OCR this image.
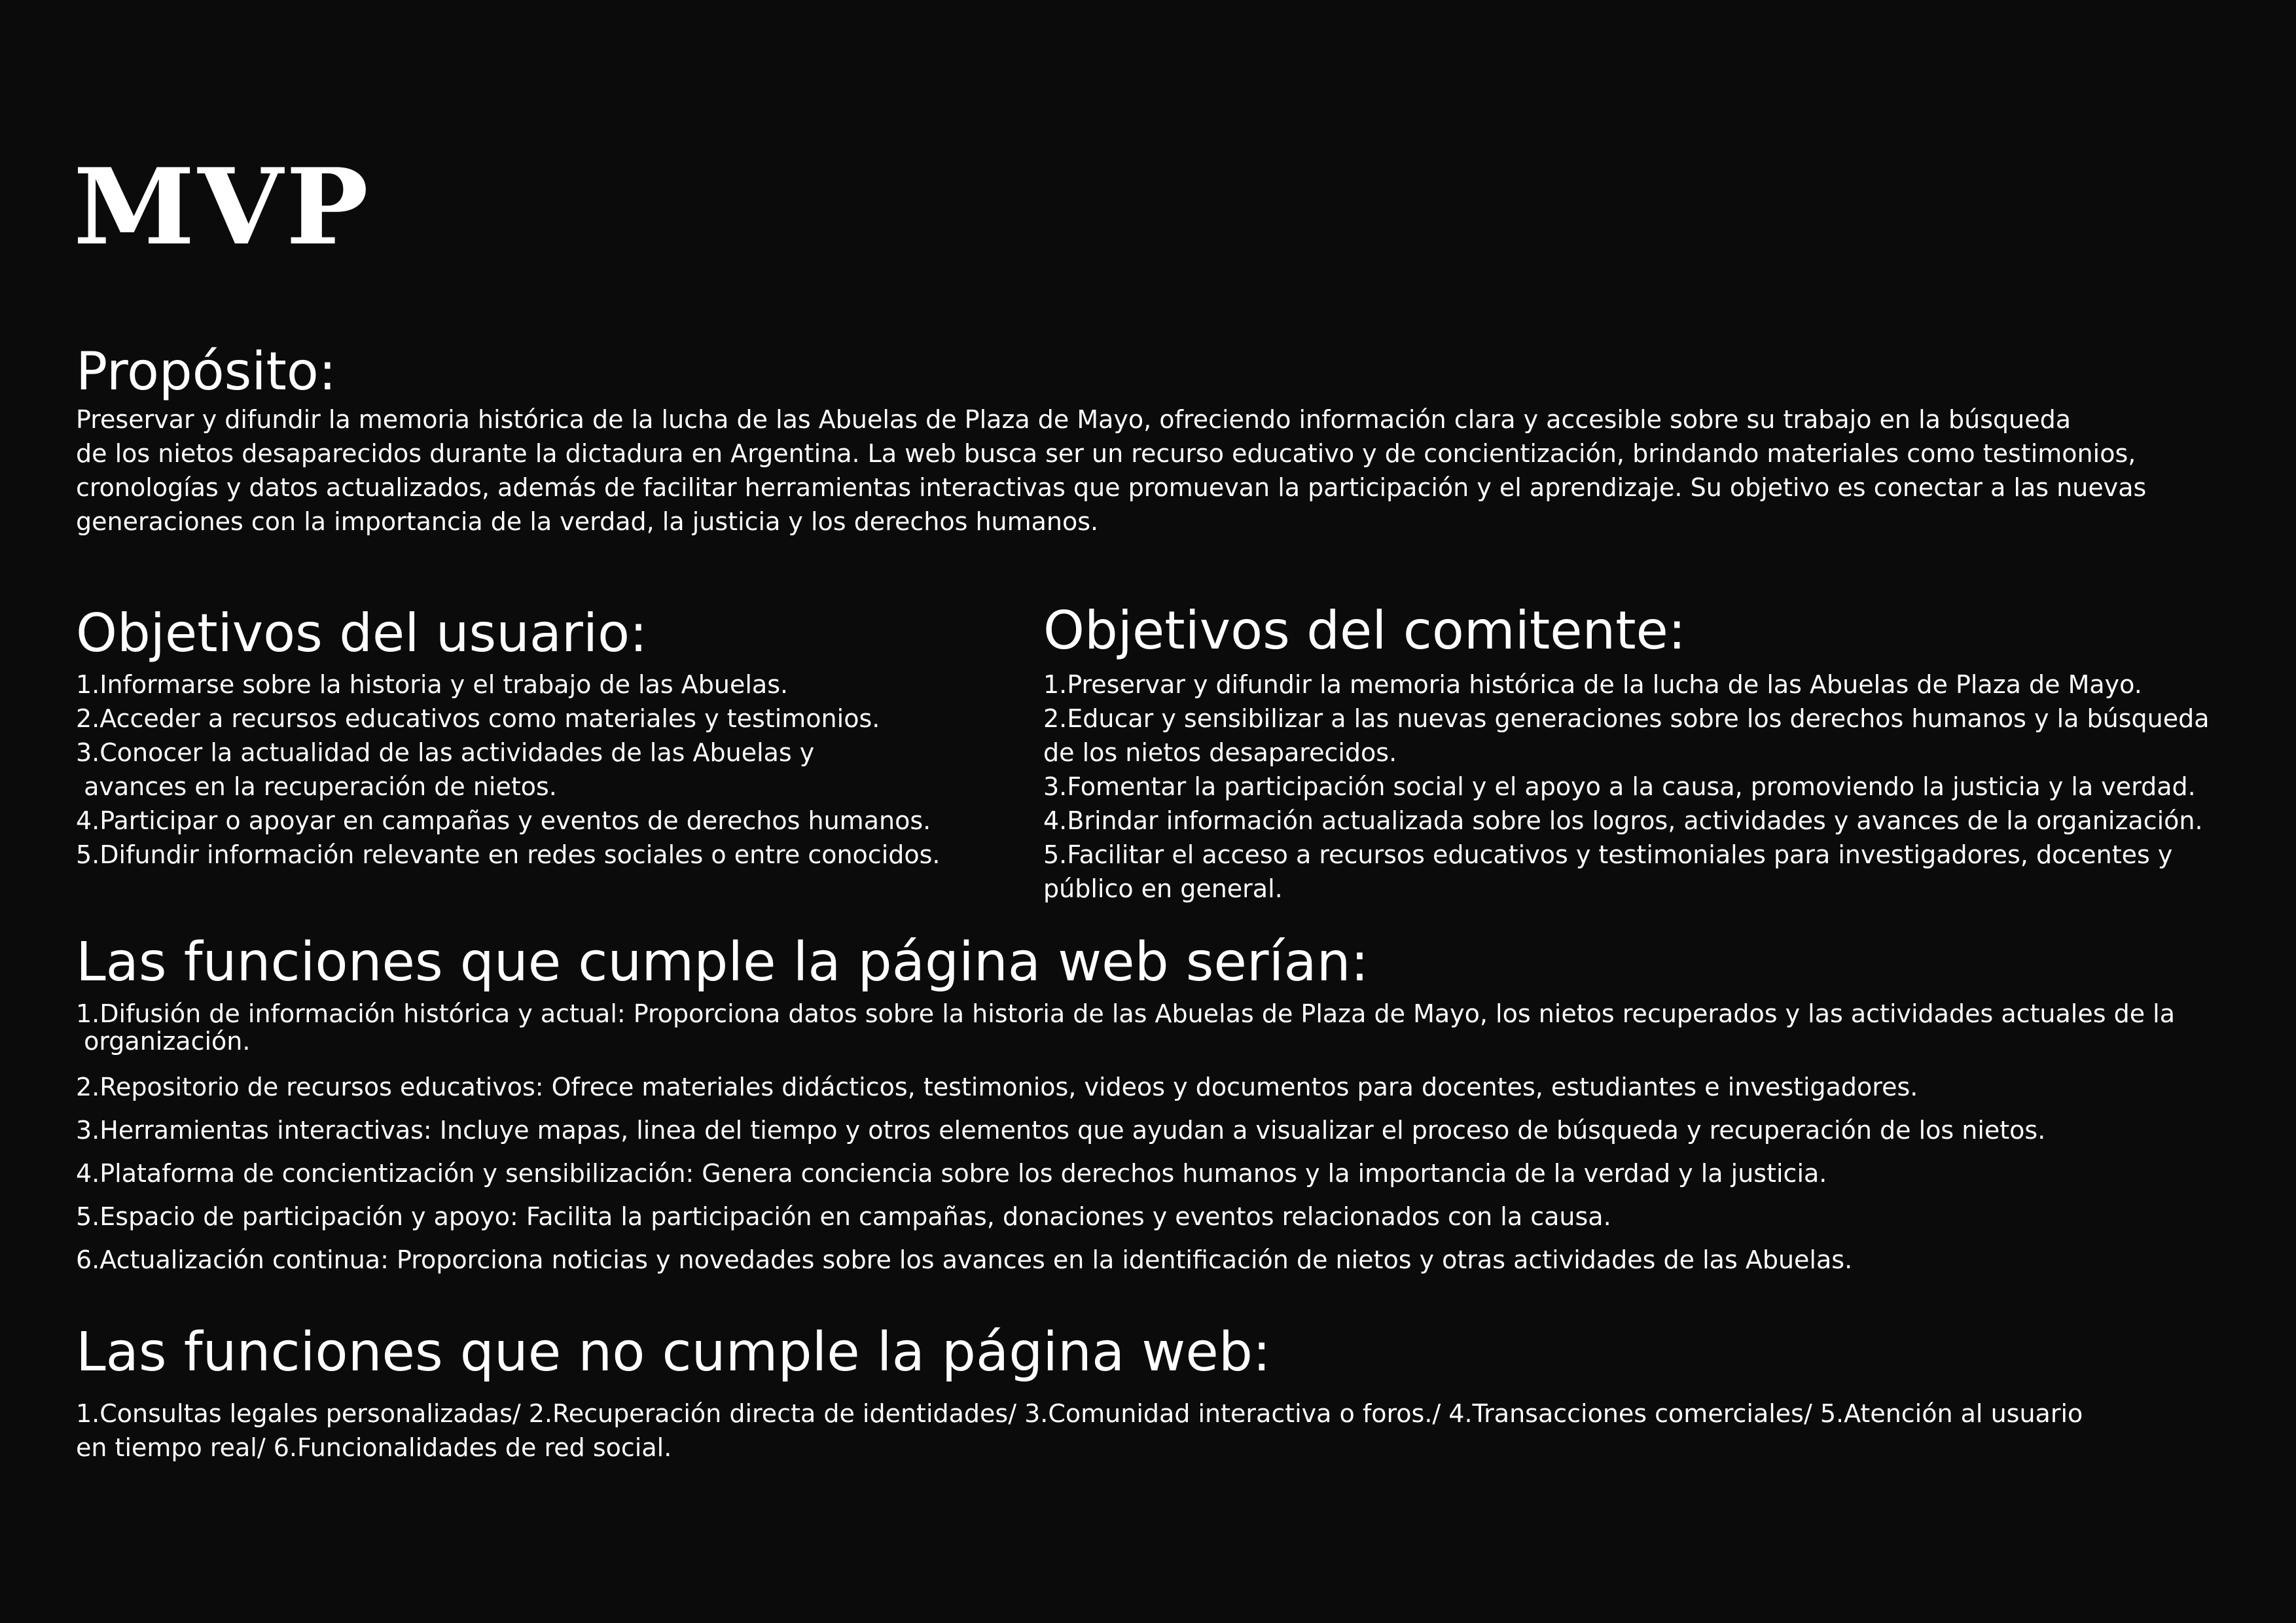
MVP
Propósito:
Preservar y difundir la memoria histórica de la lucha de las Abuelas de Plaza de Mayo, ofreciendo información clara y accesible sobre su trabajo en la búsqueda
de los nietos desaparecidos durante la dictadura en Argentina. La web busca ser un recurso educativo y de concientización, brindando materiales como testimonios,
cronologías y datos actualizados, además de facilitar herramientas interactivas que promuevan la participación y el aprendizaje. Su objetivo es conectar a las nuevas
generaciones con la importancia de la verdad, la justicia y los derechos humanos.
Objetivos del usuario:
1.Informarse sobre la historia y el trabajo de las Abuelas.
2.Acceder a recursos educativos como materiales y testimonios.
3.Conocer la actualidad de las actividades de las Abuelas y
avances en la recuperación de nietos.
4.Participar o apoyar en campañas y eventos de derechos humanos.
5.Difundir información relevante en redes sociales o entre conocidos.
Objetivos del comitente:
1.Preservar y difundir la memoria histórica de la lucha de las Abuelas de Plaza de Mayo.
2.Educar y sensibilizar a las nuevas generaciones sobre los derechos humanos y la búsqueda
de los nietos desaparecidos.
3.Fomentar la participación social y el apoyo a la causa, promoviendo la justicia y la verdad.
4.Brindar información actualizada sobre los logros, actividades y avances de la organización.
5.Facilitar el acceso a recursos educativos y testimoniales para investigadores, docentes y
público en general.
Las funciones que cumple la página web serían:
1.Difusión de información histórica y actual: Proporciona datos sobre la historia de las Abuelas de Plaza de Mayo, los nietos recuperados y las actividades actuales de la
organización.
2.Repositorio de recursos educativos: Ofrece materiales didácticos, testimonios, videos y documentos para docentes, estudiantes e investigadores.
3.Herramientas interactivas: Incluye mapas, linea del tiempo y otros elementos que ayudan a visualizar el proceso de búsqueda y recuperación de los nietos.
4.Plataforma de concientización y sensibilización: Genera conciencia sobre los derechos humanos y la importancia de la verdad y la justicia.
5.Espacio de participación y apoyo: Facilita la participación en campañas, donaciones y eventos relacionados con la causa.
6.Actualización continua: Proporciona noticias y novedades sobre los avances en la identificación de nietos y otras actividades de las Abuelas.
Las funciones que no cumple la página web:
1.Consultas legales personalizadas/ 2.Recuperación directa de identidades/ 3.Comunidad interactiva o foros./ 4.Transacciones comerciales/ 5.Atención al usuario
en tiempo real/ 6.Funcionalidades de red social.
